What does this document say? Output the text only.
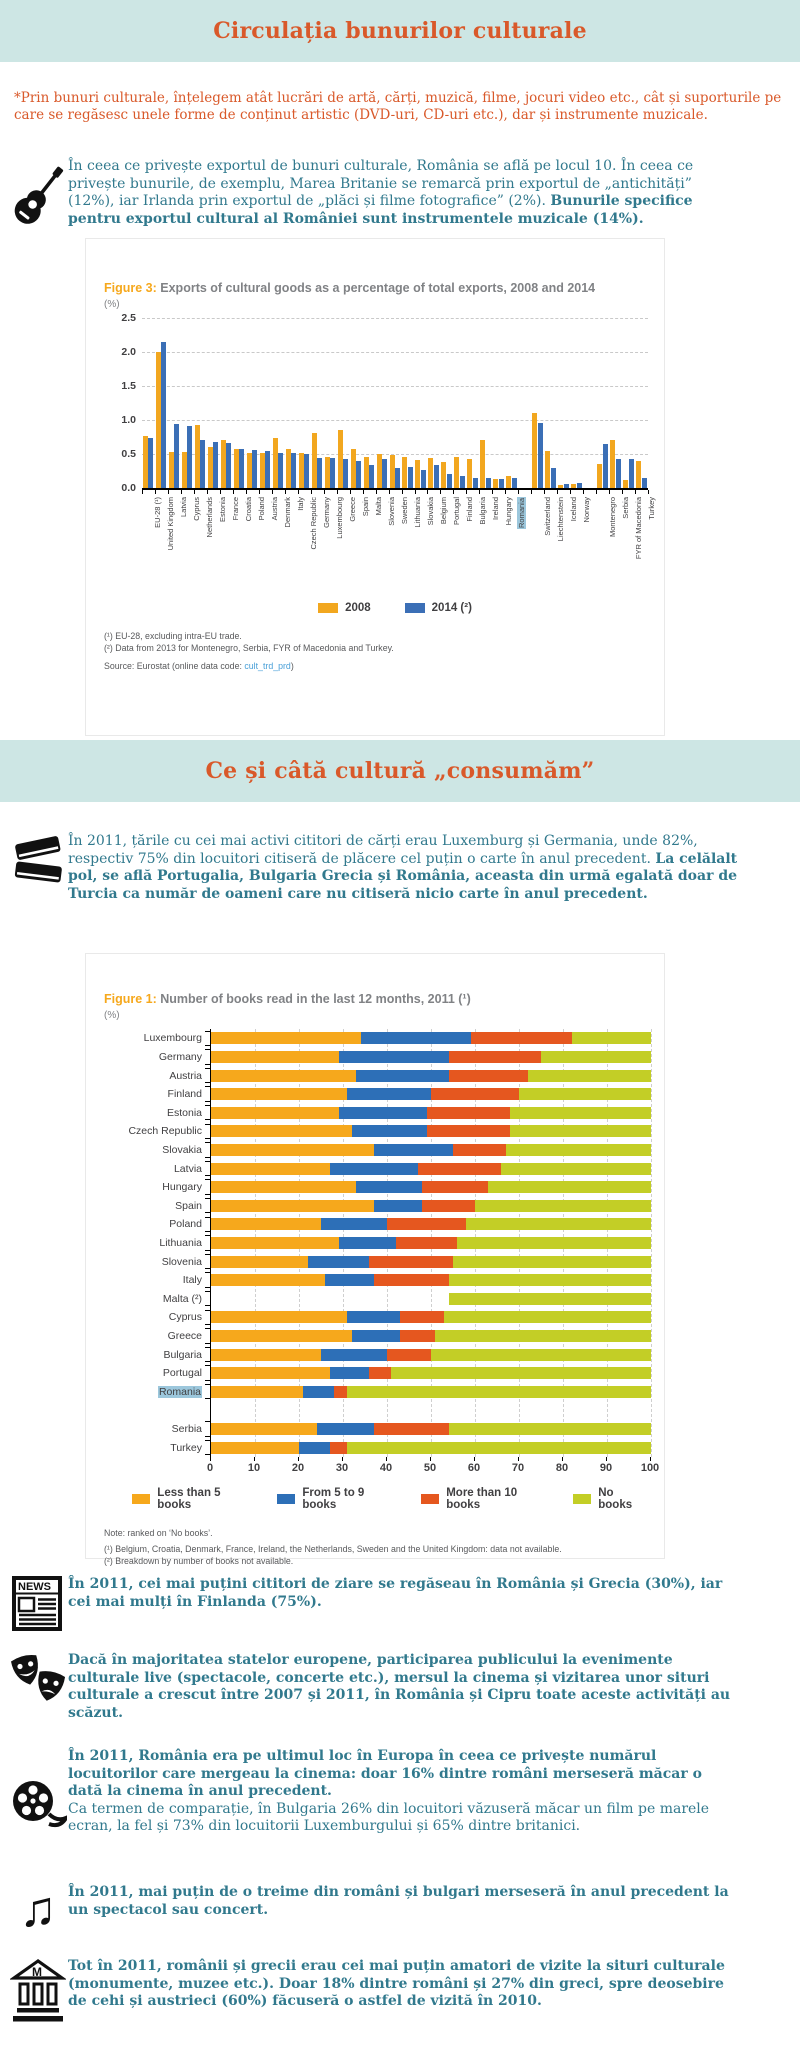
Circulația bunurilor culturale

*Prin bunuri culturale, înțelegem atât lucrări de artă, cărți, muzică, filme, jocuri video etc., cât și suporturile pe care se regăsesc unele forme de conținut artistic (DVD-uri, CD-uri etc.), dar și instrumente muzicale.

În ceea ce privește exportul de bunuri culturale, România se află pe locul 10. În ceea ce privește bunurile, de exemplu, Marea Britanie se remarcă prin exportul de „antichități” (12%), iar Irlanda prin exportul de „plăci și filme fotografice” (2%). Bunurile specifice pentru exportul cultural al României sunt instrumentele muzicale (14%).

Figure 3: Exports of cultural goods as a percentage of total exports, 2008 and 2014
(%)
0.0
0.5
1.0
1.5
2.0
2.5
EU-28 (¹) United Kingdom Latvia Cyprus Netherlands Estonia France Croatia Poland Austria Denmark Italy Czech Republic Germany Luxembourg Greece Spain Malta Slovenia Sweden Lithuania Slovakia Belgium Portugal Finland Bulgaria Ireland Hungary Romania Switzerland Liechtenstein Iceland Norway Montenegro Serbia FYR of Macedonia Turkey
2008	2014 (²)
(¹) EU-28, excluding intra-EU trade.
(²) Data from 2013 for Montenegro, Serbia, FYR of Macedonia and Turkey.
Source: Eurostat (online data code: cult_trd_prd)
Ce și câtă cultură „consumăm”

În 2011, țările cu cei mai activi cititori de cărți erau Luxemburg și Germania, unde 82%, respectiv 75% din locuitori citiseră de plăcere cel puțin o carte în anul precedent. La celălalt pol, se află Portugalia, Bulgaria Grecia și România, aceasta din urmă egalată doar de Turcia ca număr de oameni care nu citiseră nicio carte în anul precedent.

Figure 1: Number of books read in the last 12 months, 2011 (¹)
(%)
Luxembourg
Germany
Austria
Finland
Estonia
Czech Republic
Slovakia
Latvia
Hungary
Spain
Poland
Lithuania
Slovenia
Italy
Malta (²)
Cyprus
Greece
Bulgaria
Portugal
Romania
Serbia
Turkey
0	10	20	30	40	50	60	70	80	90	100
Less than 5 books
From 5 to 9 books
More than 10 books
No books
Note: ranked on ‘No books’.
(¹) Belgium, Croatia, Denmark, France, Ireland, the Netherlands, Sweden and the United Kingdom: data not available.
(²) Breakdown by number of books not available.
NEWS În 2011, cei mai puțini cititori de ziare se regăseau în România și Grecia (30%), iar cei mai mulți în Finlanda (75%).

Dacă în majoritatea statelor europene, participarea publicului la evenimente culturale live (spectacole, concerte etc.), mersul la cinema și vizitarea unor situri culturale a crescut între 2007 și 2011, în România și Cipru toate aceste activități au scăzut.

În 2011, România era pe ultimul loc în Europa în ceea ce privește numărul locuitorilor care mergeau la cinema: doar 16% dintre români merseseră măcar o dată la cinema în anul precedent.
Ca termen de comparație, în Bulgaria 26% din locuitori văzuseră măcar un film pe marele ecran, la fel și 73% din locuitorii Luxemburgului și 65% dintre britanici.

♫ În 2011, mai puțin de o treime din români și bulgari merseseră în anul precedent la un spectacol sau concert.

M Tot în 2011, românii și grecii erau cei mai puțin amatori de vizite la situri culturale (monumente, muzee etc.). Doar 18% dintre români și 27% din greci, spre deosebire de cehi și austrieci (60%) făcuseră o astfel de vizită în 2010.
